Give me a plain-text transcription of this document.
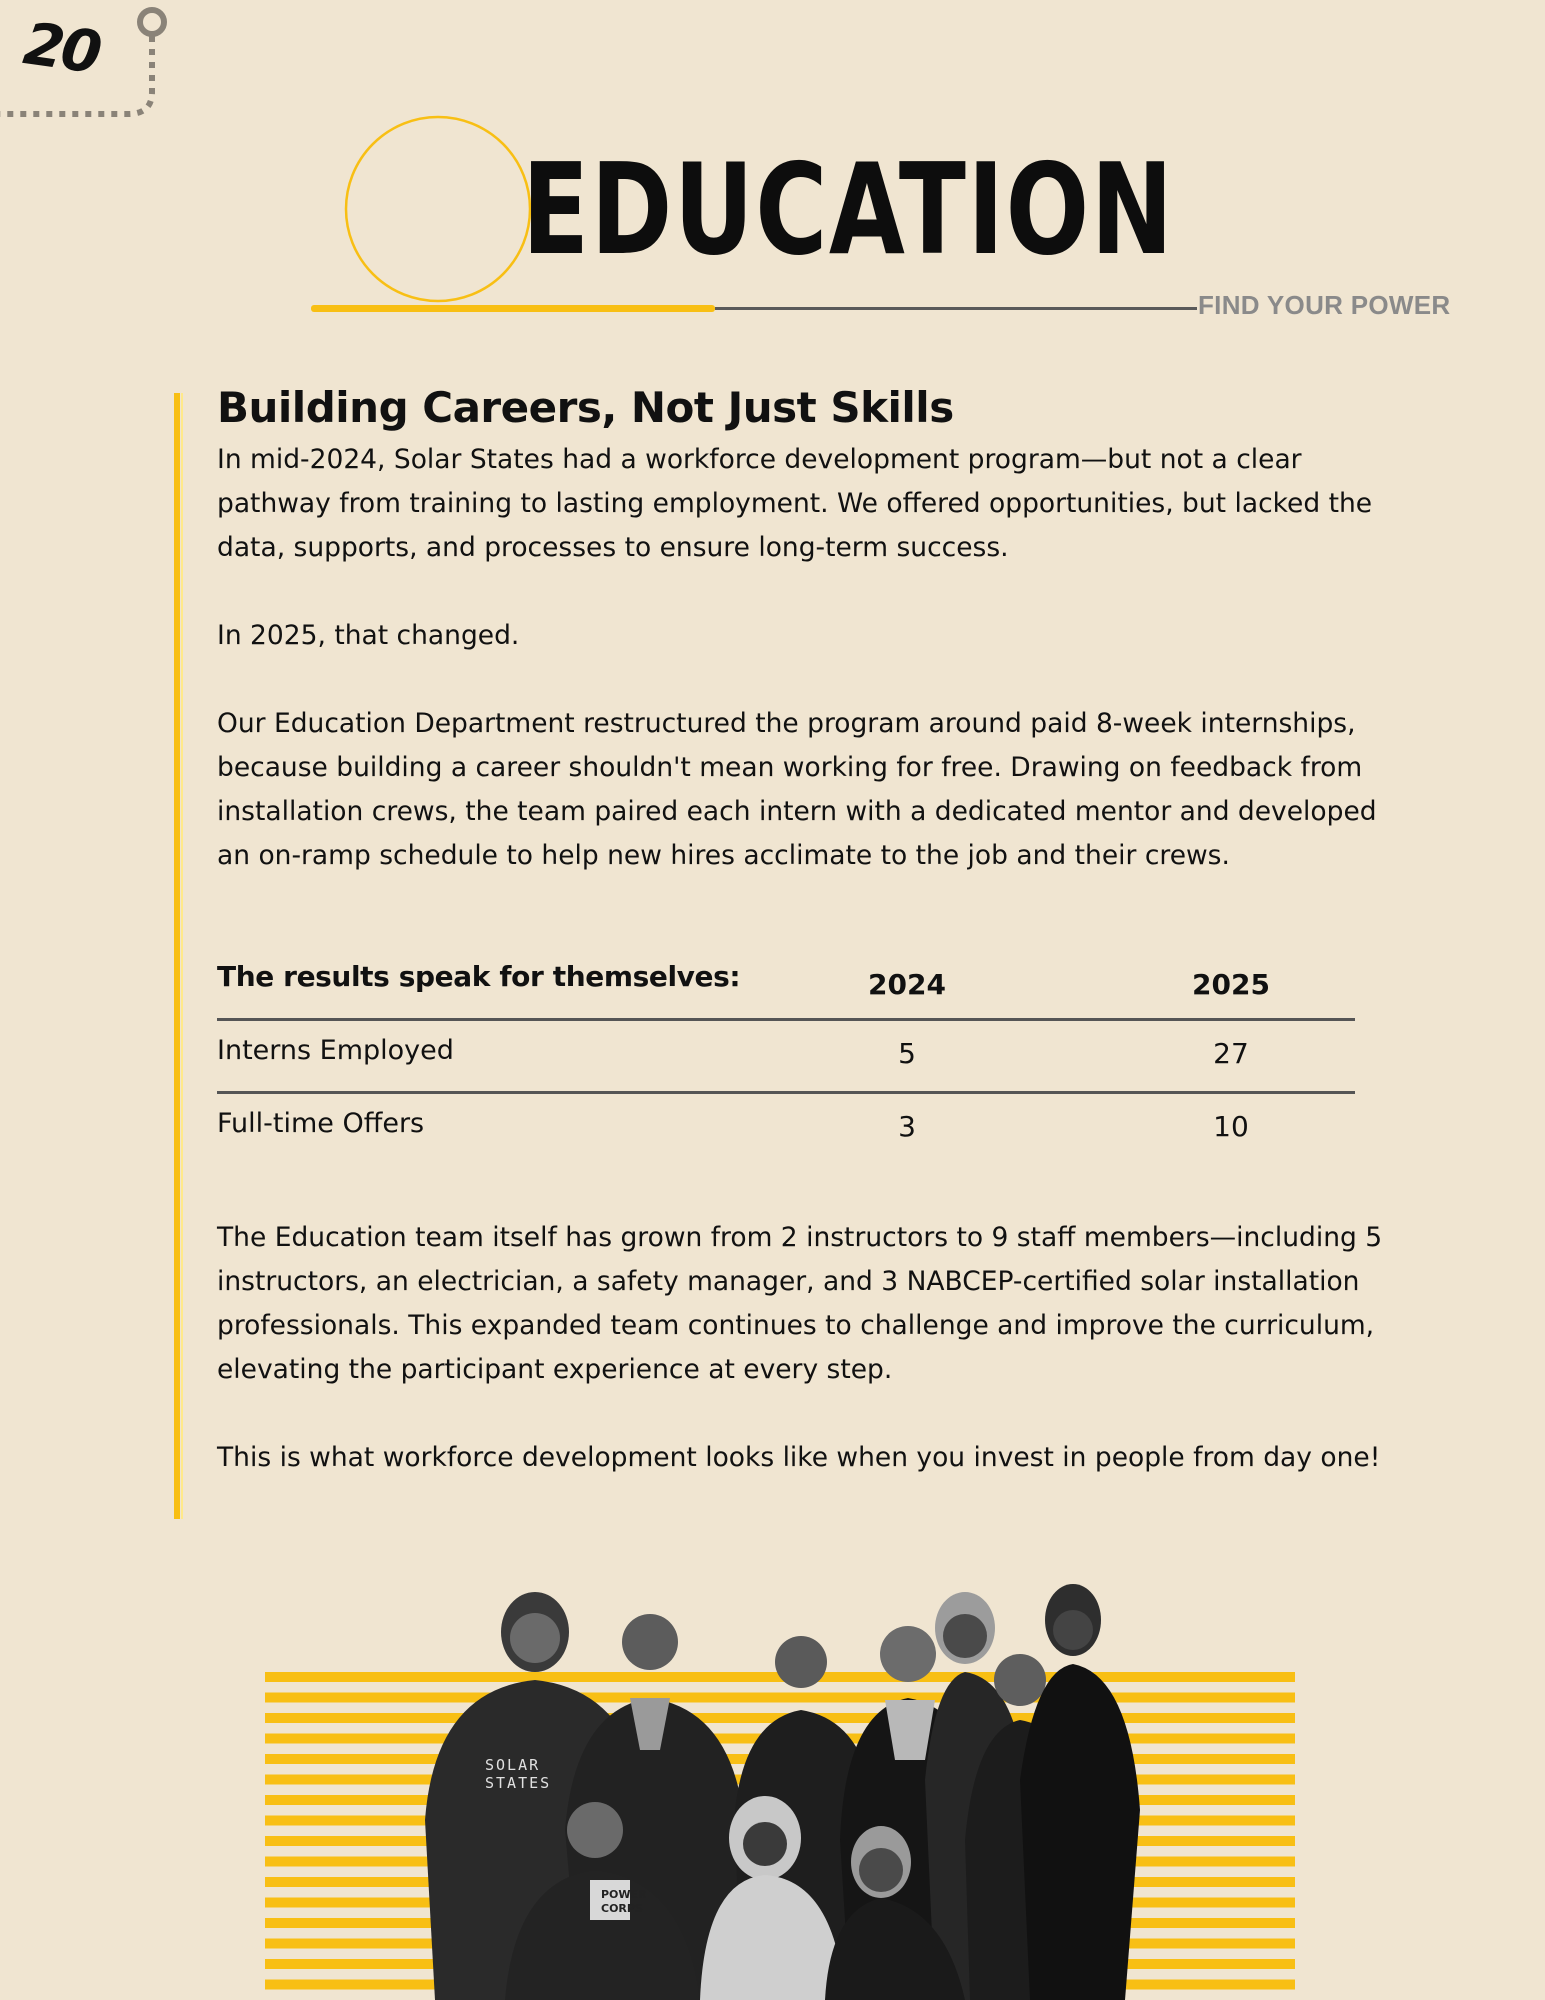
20
EDUCATION
FIND YOUR POWER
Building Careers, Not Just Skills

In mid-2024, Solar States had a workforce development program—but not a clear pathway from training to lasting employment. We offered opportunities, but lacked the data, supports, and processes to ensure long-term success.

In 2025, that changed.

Our Education Department restructured the program around paid 8-week internships, because building a career shouldn't mean working for free. Drawing on feedback from installation crews, the team paired each intern with a dedicated mentor and developed an on-ramp schedule to help new hires acclimate to the job and their crews.

The results speak for themselves:	2024	2025
Interns Employed	5	27
Full-time Offers	3	10

The Education team itself has grown from 2 instructors to 9 staff members—including 5 instructors, an electrician, a safety manager, and 3 NABCEP-certified solar installation professionals. This expanded team continues to challenge and improve the curriculum, elevating the participant experience at every step.

This is what workforce development looks like when you invest in people from day one!

SOLAR
STATES
POWER
CORPS
